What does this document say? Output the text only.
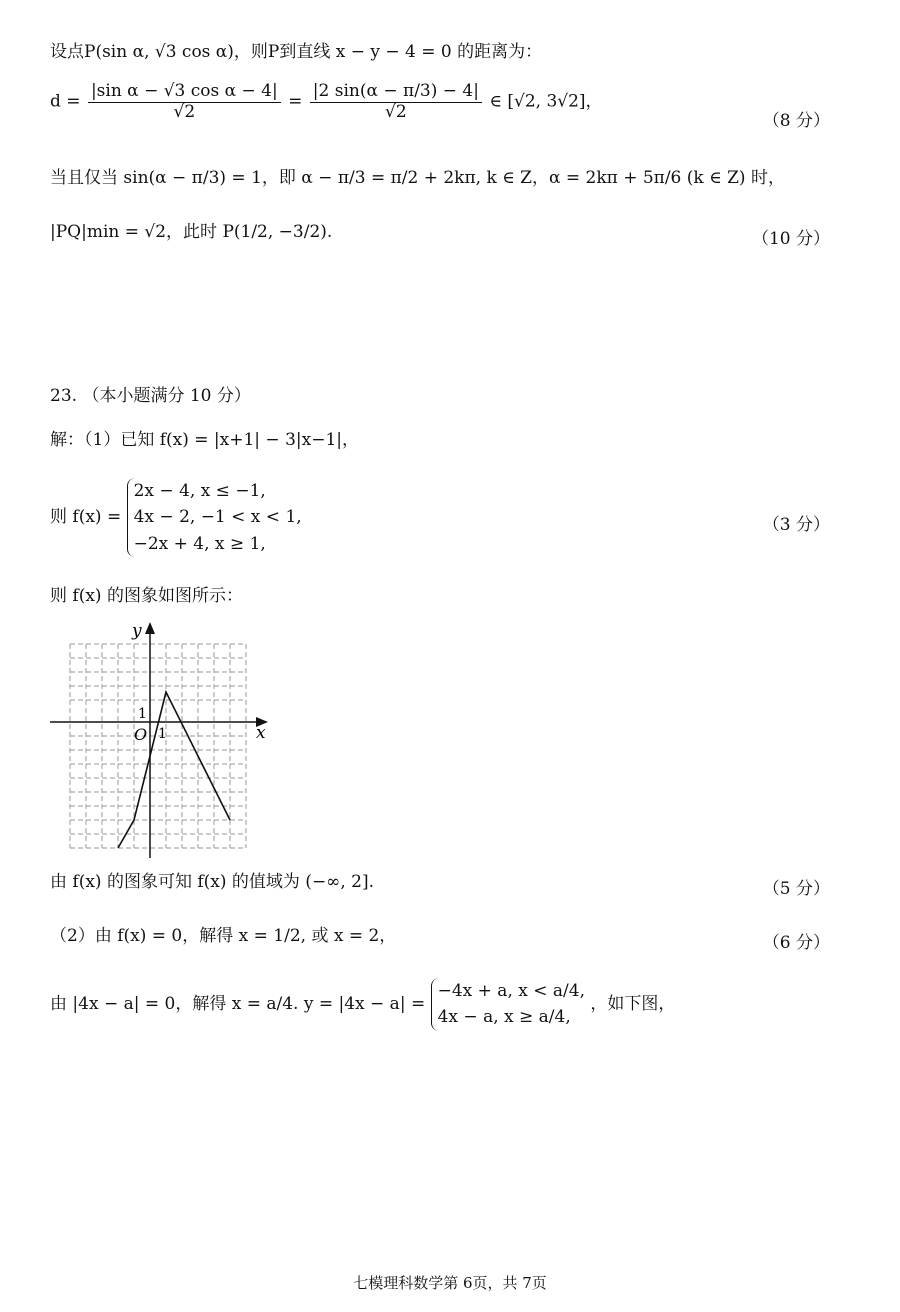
设点P(sin α, √3 cos α)，则P到直线 x − y − 4 = 0 的距离为：
$d = \frac{\text{|sin α − √3 cos α − 4|}}{√2} = \frac{|2 \sin(\alpha - \pi/3) - 4|}{√2}$ ∈ [√2, 3√2]，
（8 分）
当且仅当 sin(α − π/3) = 1，即 α − π/3 = π/2 + 2kπ, k ∈ Z，α = 2kπ + 5π/6 (k ∈ Z) 时，
|PQ|min = √2，此时 P(1/2, −3/2).	（10 分）
23. （本小题满分 10 分）
解：（1）已知 f(x) = |x+1| − 3|x−1|，
则 f(x) =
2x − 4, x ≤ −1,
4x − 2, −1 < x < 1,
−2x + 4, x ≥ 1,
（3 分）
则 f(x) 的图象如图所示：
x
y
O 1
1
由 f(x) 的图象可知 f(x) 的值域为 (−∞, 2].	（5 分）
（2）由 f(x) = 0，解得 x = 1/2, 或 x = 2，	（6 分）
由 |4x − a| = 0，解得 x = a/4. y = |4x − a| =
−4x + a, x < a/4,
4x − a, x ≥ a/4,
，如下图，
七模理科数学第 6页，共 7页
